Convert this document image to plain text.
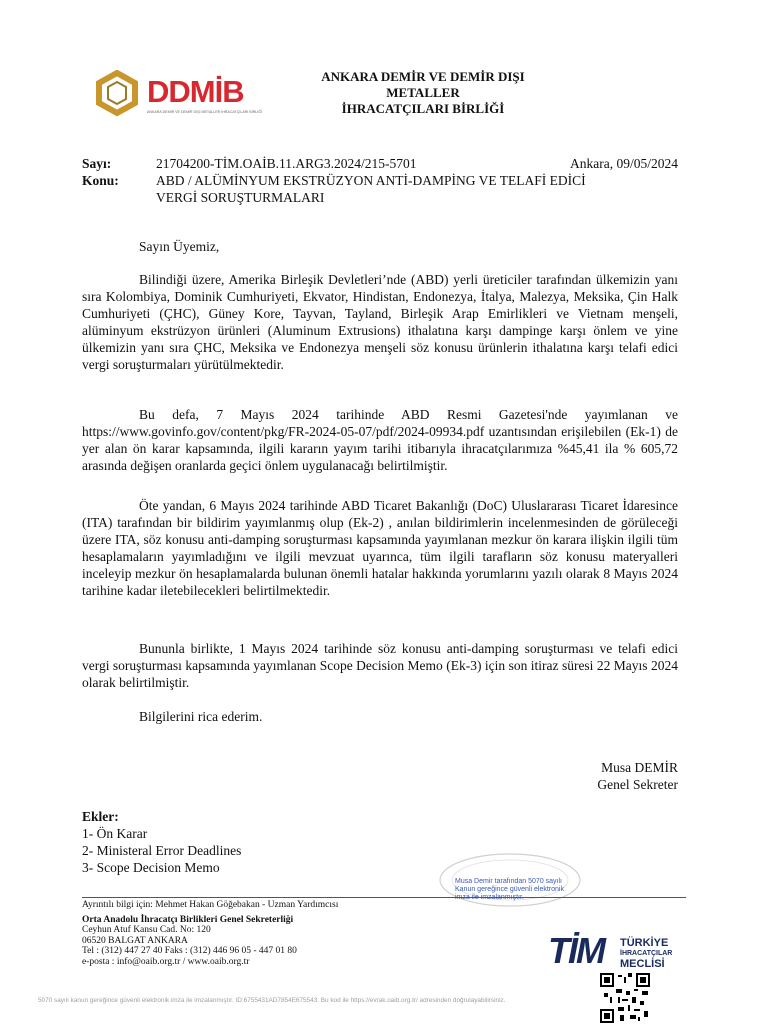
DDMİB
ANKARA DEMİR VE DEMİR DIŞI METALLER İHRACATÇILARI BİRLİĞİ
ANKARA DEMİR VE DEMİR DIŞI
METALLER
İHRACATÇILARI BİRLİĞİ
Sayı:	21704200-TİM.OAİB.11.ARG3.2024/215-5701	Ankara, 09/05/2024
Konu:	ABD / ALÜMİNYUM EKSTRÜZYON ANTİ-DAMPİNG VE TELAFİ EDİCİ
VERGİ SORUŞTURMALARI
Sayın Üyemiz,

Bilindiği üzere, Amerika Birleşik Devletleri’nde (ABD) yerli üreticiler tarafından ülkemizin yanı sıra Kolombiya, Dominik Cumhuriyeti, Ekvator, Hindistan, Endonezya, İtalya, Malezya, Meksika, Çin Halk Cumhuriyeti (ÇHC), Güney Kore, Tayvan, Tayland, Birleşik Arap Emirlikleri ve Vietnam menşeli, alüminyum ekstrüzyon ürünleri (Aluminum Extrusions) ithalatına karşı dampinge karşı önlem ve yine ülkemizin yanı sıra ÇHC, Meksika ve Endonezya menşeli söz konusu ürünlerin ithalatına karşı telafi edici vergi soruşturmaları yürütülmektedir.

Bu defa, 7 Mayıs 2024 tarihinde ABD Resmi Gazetesi'nde yayımlanan ve https://www.govinfo.gov/content/pkg/FR-2024-05-07/pdf/2024-09934.pdf uzantısından erişilebilen (Ek-1) de yer alan ön karar kapsamında, ilgili kararın yayım tarihi itibarıyla ihracatçılarımıza %45,41 ila % 605,72 arasında değişen oranlarda geçici önlem uygulanacağı belirtilmiştir.

Öte yandan, 6 Mayıs 2024 tarihinde ABD Ticaret Bakanlığı (DoC) Uluslararası Ticaret İdaresince (ITA) tarafından bir bildirim yayımlanmış olup (Ek-2) , anılan bildirimlerin incelenmesinden de görüleceği üzere ITA, söz konusu anti-damping soruşturması kapsamında yayımlanan mezkur ön karara ilişkin ilgili tüm hesaplamaların yayımladığını ve ilgili mevzuat uyarınca, tüm ilgili tarafların söz konusu materyalleri inceleyip mezkur ön hesaplamalarda bulunan önemli hatalar hakkında yorumlarını yazılı olarak 8 Mayıs 2024 tarihine kadar iletebilecekleri belirtilmektedir.

Bununla birlikte, 1 Mayıs 2024 tarihinde söz konusu anti-damping soruşturması ve telafi edici vergi soruşturması kapsamında yayımlanan Scope Decision Memo (Ek-3) için son itiraz süresi 22 Mayıs 2024 olarak belirtilmiştir.

Bilgilerini rica ederim.

Musa DEMİR
Genel Sekreter
Ekler:
1- Ön Karar
2- Ministeral Error Deadlines
3- Scope Decision Memo
Musa Demir tarafından 5070 sayılı Kanun gereğince güvenli elektronik
Ayrıntılı bilgi için: Mehmet Hakan Göğebakan - Uzman Yardımcısı
Orta Anadolu İhracatçı Birlikleri Genel Sekreterliği
Ceyhun Atuf Kansu Cad. No: 120
06520 BALGAT ANKARA
Tel : (312) 447 27 40 Faks : (312) 446 96 05 - 447 01 80
e-posta : info@oaib.org.tr / www.oaib.org.tr	TİM TÜRKİYE
İHRACATÇILAR
MECLİSİ
5070 sayılı kanun gereğince güvenli elektronik imza ile imzalanmıştır. ID:6755431AD7854E675543. Bu kod ile https://evrak.oaib.org.tr/ adresinden doğrulayabilirsiniz.
